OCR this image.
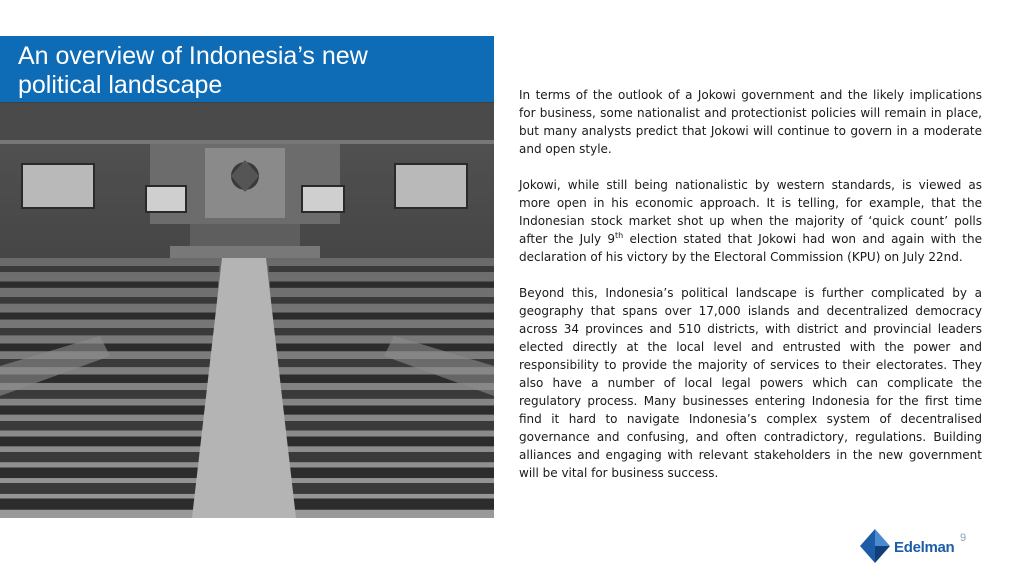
An overview of Indonesia’s new
political landscape	In terms of the outlook of a Jokowi government and the likely implications for business, some nationalist and protectionist policies will remain in place, but many analysts predict that Jokowi will continue to govern in a moderate and open style.

Jokowi, while still being nationalistic by western standards, is viewed as more open in his economic approach. It is telling, for example, that the Indonesian stock market shot up when the majority of ‘quick count’ polls after the July 9th election stated that Jokowi had won and again with the declaration of his victory by the Electoral Commission (KPU) on July 22nd.

Beyond this, Indonesia’s political landscape is further complicated by a geography that spans over 17,000 islands and decentralized democracy across 34 provinces and 510 districts, with district and provincial leaders elected directly at the local level and entrusted with the power and responsibility to provide the majority of services to their electorates. They also have a number of local legal powers which can complicate the regulatory process. Many businesses entering Indonesia for the first time find it hard to navigate Indonesia’s complex system of decentralised governance and confusing, and often contradictory, regulations. Building alliances and engaging with relevant stakeholders in the new government will be vital for business success.

9
Edelman
